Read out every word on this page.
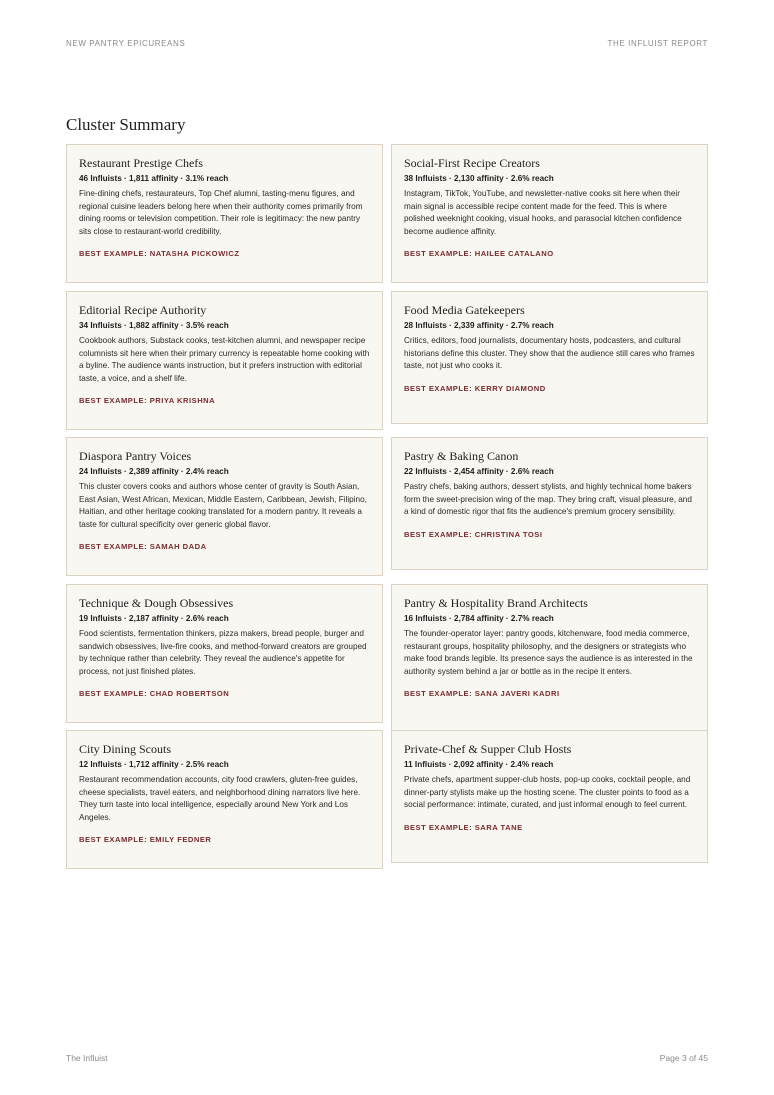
NEW PANTRY EPICUREANS	THE INFLUIST REPORT
Cluster Summary
Restaurant Prestige Chefs
46 Influists · 1,811 affinity · 3.1% reach

Fine-dining chefs, restaurateurs, Top Chef alumni, tasting-menu figures, and regional cuisine leaders belong here when their authority comes primarily from dining rooms or television competition. Their role is legitimacy: the new pantry sits close to restaurant-world credibility.

BEST EXAMPLE: NATASHA PICKOWICZ
Social-First Recipe Creators
38 Influists · 2,130 affinity · 2.6% reach

Instagram, TikTok, YouTube, and newsletter-native cooks sit here when their main signal is accessible recipe content made for the feed. This is where polished weeknight cooking, visual hooks, and parasocial kitchen confidence become audience affinity.

BEST EXAMPLE: HAILEE CATALANO
Editorial Recipe Authority
34 Influists · 1,882 affinity · 3.5% reach

Cookbook authors, Substack cooks, test-kitchen alumni, and newspaper recipe columnists sit here when their primary currency is repeatable home cooking with a byline. The audience wants instruction, but it prefers instruction with editorial taste, a voice, and a shelf life.

BEST EXAMPLE: PRIYA KRISHNA
Food Media Gatekeepers
28 Influists · 2,339 affinity · 2.7% reach

Critics, editors, food journalists, documentary hosts, podcasters, and cultural historians define this cluster. They show that the audience still cares who frames taste, not just who cooks it.

BEST EXAMPLE: KERRY DIAMOND
Diaspora Pantry Voices
24 Influists · 2,389 affinity · 2.4% reach

This cluster covers cooks and authors whose center of gravity is South Asian, East Asian, West African, Mexican, Middle Eastern, Caribbean, Jewish, Filipino, Haitian, and other heritage cooking translated for a modern pantry. It reveals a taste for cultural specificity over generic global flavor.

BEST EXAMPLE: SAMAH DADA
Pastry & Baking Canon
22 Influists · 2,454 affinity · 2.6% reach

Pastry chefs, baking authors, dessert stylists, and highly technical home bakers form the sweet-precision wing of the map. They bring craft, visual pleasure, and a kind of domestic rigor that fits the audience's premium grocery sensibility.

BEST EXAMPLE: CHRISTINA TOSI
Technique & Dough Obsessives
19 Influists · 2,187 affinity · 2.6% reach

Food scientists, fermentation thinkers, pizza makers, bread people, burger and sandwich obsessives, live-fire cooks, and method-forward creators are grouped by technique rather than celebrity. They reveal the audience's appetite for process, not just finished plates.

BEST EXAMPLE: CHAD ROBERTSON
Pantry & Hospitality Brand Architects
16 Influists · 2,784 affinity · 2.7% reach

The founder-operator layer: pantry goods, kitchenware, food media commerce, restaurant groups, hospitality philosophy, and the designers or strategists who make food brands legible. Its presence says the audience is as interested in the authority system behind a jar or bottle as in the recipe it enters.

BEST EXAMPLE: SANA JAVERI KADRI
City Dining Scouts
12 Influists · 1,712 affinity · 2.5% reach

Restaurant recommendation accounts, city food crawlers, gluten-free guides, cheese specialists, travel eaters, and neighborhood dining narrators live here. They turn taste into local intelligence, especially around New York and Los Angeles.

BEST EXAMPLE: EMILY FEDNER
Private-Chef & Supper Club Hosts
11 Influists · 2,092 affinity · 2.4% reach

Private chefs, apartment supper-club hosts, pop-up cooks, cocktail people, and dinner-party stylists make up the hosting scene. The cluster points to food as a social performance: intimate, curated, and just informal enough to feel current.

BEST EXAMPLE: SARA TANE
The Influist	Page 3 of 45
